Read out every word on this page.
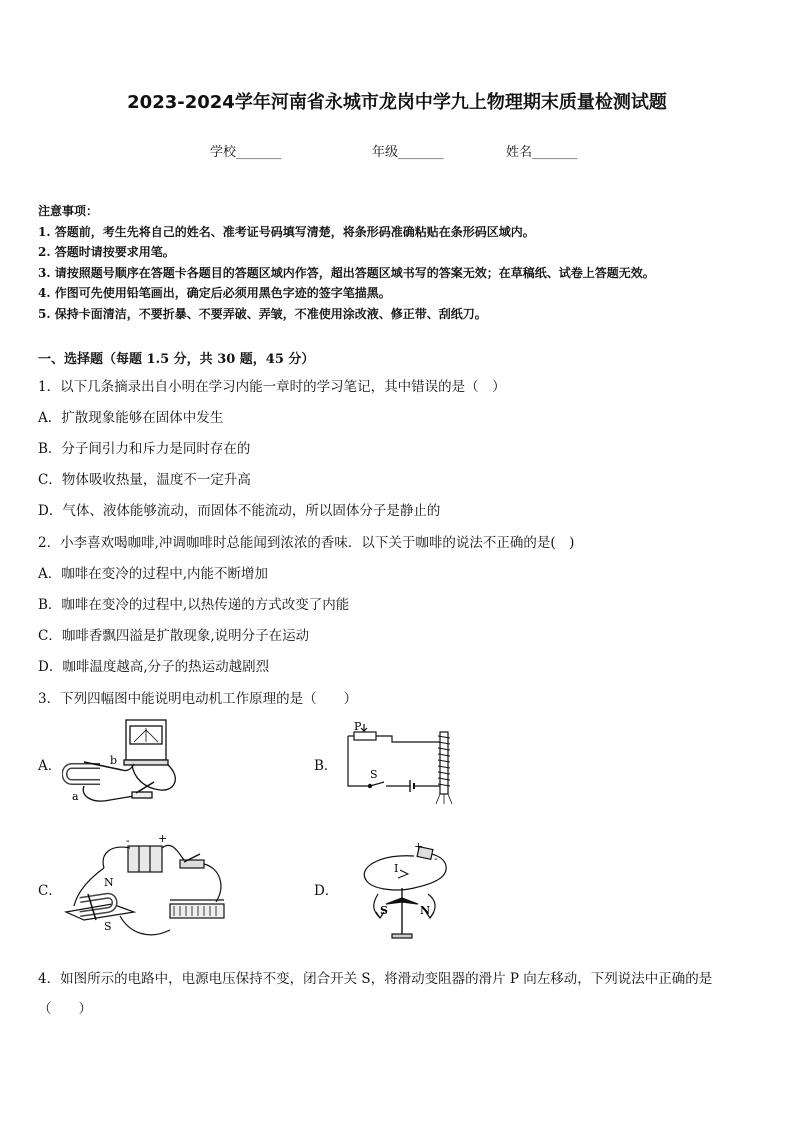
2023-2024学年河南省永城市龙岗中学九上物理期末质量检测试题
学校_______	年级_______	姓名_______
注意事项：
1. 答题前，考生先将自己的姓名、准考证号码填写清楚，将条形码准确粘贴在条形码区域内。
2. 答题时请按要求用笔。
3. 请按照题号顺序在答题卡各题目的答题区域内作答，超出答题区域书写的答案无效；在草稿纸、试卷上答题无效。
4. 作图可先使用铅笔画出，确定后必须用黑色字迹的签字笔描黑。
5. 保持卡面清洁，不要折暴、不要弄破、弄皱，不准使用涂改液、修正带、刮纸刀。
一、选择题（每题 1.5 分，共 30 题，45 分）
1．以下几条摘录出自小明在学习内能一章时的学习笔记，其中错误的是（　）
A．扩散现象能够在固体中发生
B．分子间引力和斥力是同时存在的
C．物体吸收热量，温度不一定升高
D．气体、液体能够流动，而固体不能流动，所以固体分子是静止的
2．小李喜欢喝咖啡,冲调咖啡时总能闻到浓浓的香味．以下关于咖啡的说法不正确的是(　)
A．咖啡在变冷的过程中,内能不断增加
B．咖啡在变冷的过程中,以热传递的方式改变了内能
C．咖啡香飘四溢是扩散现象,说明分子在运动
D．咖啡温度越高,分子的热运动越剧烈
3．下列四幅图中能说明电动机工作原理的是（　　）
A．	B．
C．	D．
b
a
P
S
-	+
N
S
+
-
I
S	N
4．如图所示的电路中，电源电压保持不变，闭合开关 S，将滑动变阻器的滑片 P 向左移动，下列说法中正确的是
（　　）
